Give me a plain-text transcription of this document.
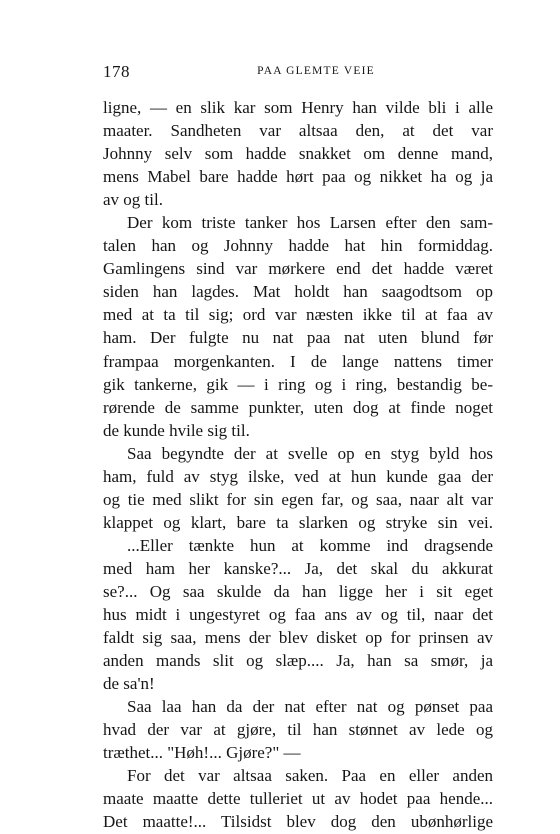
178	PAA GLEMTE VEIE
ligne, — en slik kar som Henry han vilde bli i alle
maater. Sandheten var altsaa den, at det var
Johnny selv som hadde snakket om denne mand,
mens Mabel bare hadde hørt paa og nikket ha og ja
av og til.
Der kom triste tanker hos Larsen efter den sam-
talen han og Johnny hadde hat hin formiddag.
Gamlingens sind var mørkere end det hadde været
siden han lagdes. Mat holdt han saagodtsom op
med at ta til sig; ord var næsten ikke til at faa av
ham. Der fulgte nu nat paa nat uten blund før
frampaa morgenkanten. I de lange nattens timer
gik tankerne, gik — i ring og i ring, bestandig be-
rørende de samme punkter, uten dog at finde noget
de kunde hvile sig til.
Saa begyndte der at svelle op en styg byld hos
ham, fuld av styg ilske, ved at hun kunde gaa der
og tie med slikt for sin egen far, og saa, naar alt var
klappet og klart, bare ta slarken og stryke sin vei.
...Eller tænkte hun at komme ind dragsende
med ham her kanske?... Ja, det skal du akkurat
se?... Og saa skulde da han ligge her i sit eget
hus midt i ungestyret og faa ans av og til, naar det
faldt sig saa, mens der blev disket op for prinsen av
anden mands slit og slæp.... Ja, han sa smør, ja
de sa'n!
Saa laa han da der nat efter nat og pønset paa
hvad der var at gjøre, til han stønnet av lede og
træthet... "Høh!... Gjøre?" —
For det var altsaa saken. Paa en eller anden
maate maatte dette tulleriet ut av hodet paa hende...
Det maatte!... Tilsidst blev dog den ubønhørlige
